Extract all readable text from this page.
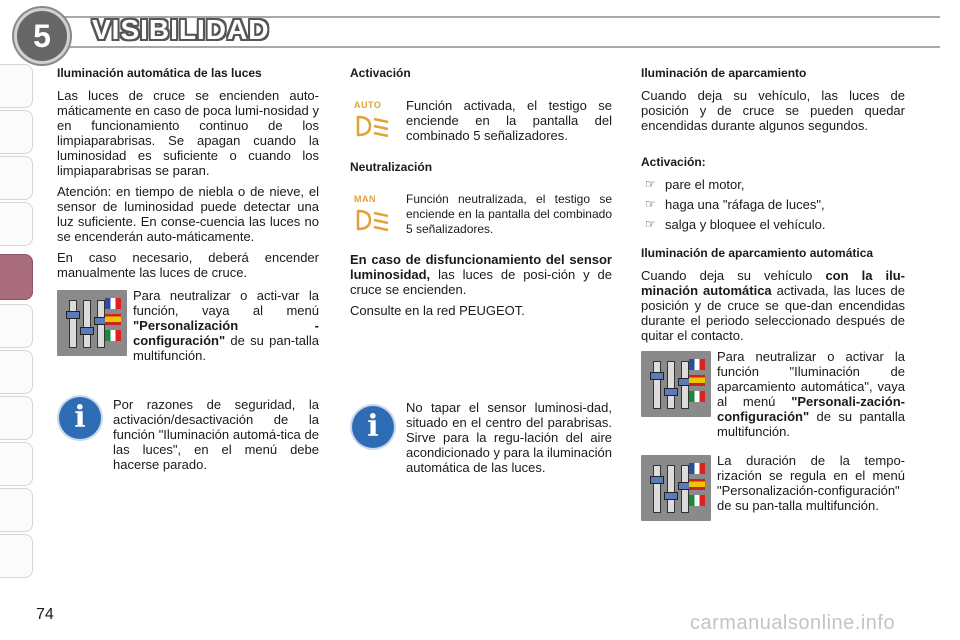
5	VISIBILIDAD
Iluminación automática de las luces

Las luces de cruce se encienden auto-máticamente en caso de poca lumi-nosidad y en funcionamiento continuo de los limpiaparabrisas. Se apagan cuando la luminosidad es suficiente o cuando los limpiaparabrisas se paran.

Atención: en tiempo de niebla o de nieve, el sensor de luminosidad puede detectar una luz suficiente. En conse-cuencia las luces no se encenderán auto-máticamente.

En caso necesario, deberá encender manualmente las luces de cruce.

Para neutralizar o acti-var la función, vaya al menú "Personalización - configuración" de su pan-talla multifunción.

i	Por razones de seguridad, la activación/desactivación de la función "Iluminación automá-tica de las luces", en el menú debe hacerse parado.

Activación
AUTO	Función activada, el testigo se enciende en la pantalla del combinado 5 señalizadores.

Neutralización
MAN	Función neutralizada, el testigo se enciende en la pantalla del combinado 5 señalizadores.

En caso de disfuncionamiento del sensor luminosidad, las luces de posi-ción y de cruce se encienden.

Consulte en la red PEUGEOT.

i

No tapar el sensor luminosi-dad, situado en el centro del parabrisas. Sirve para la regu-lación del aire acondicionado y para la iluminación automática de las luces.

Iluminación de aparcamiento

Cuando deja su vehículo, las luces de posición y de cruce se pueden quedar encendidas durante algunos segundos.

Activación:
☞ pare el motor,
☞ haga una "ráfaga de luces",
☞ salga y bloquee el vehículo.
Iluminación de aparcamiento automática

Cuando deja su vehículo con la ilu-minación automática activada, las luces de posición y de cruce se que-dan encendidas durante el periodo seleccionado después de quitar el contacto.

Para neutralizar o activar la función "Iluminación de aparcamiento automática", vaya al menú "Personali-zación-configuración" de su pantalla multifunción.

La duración de la tempo-rización se regula en el menú "Personalización-configuración" de su pan-talla multifunción.

74	carmanualsonline.info
